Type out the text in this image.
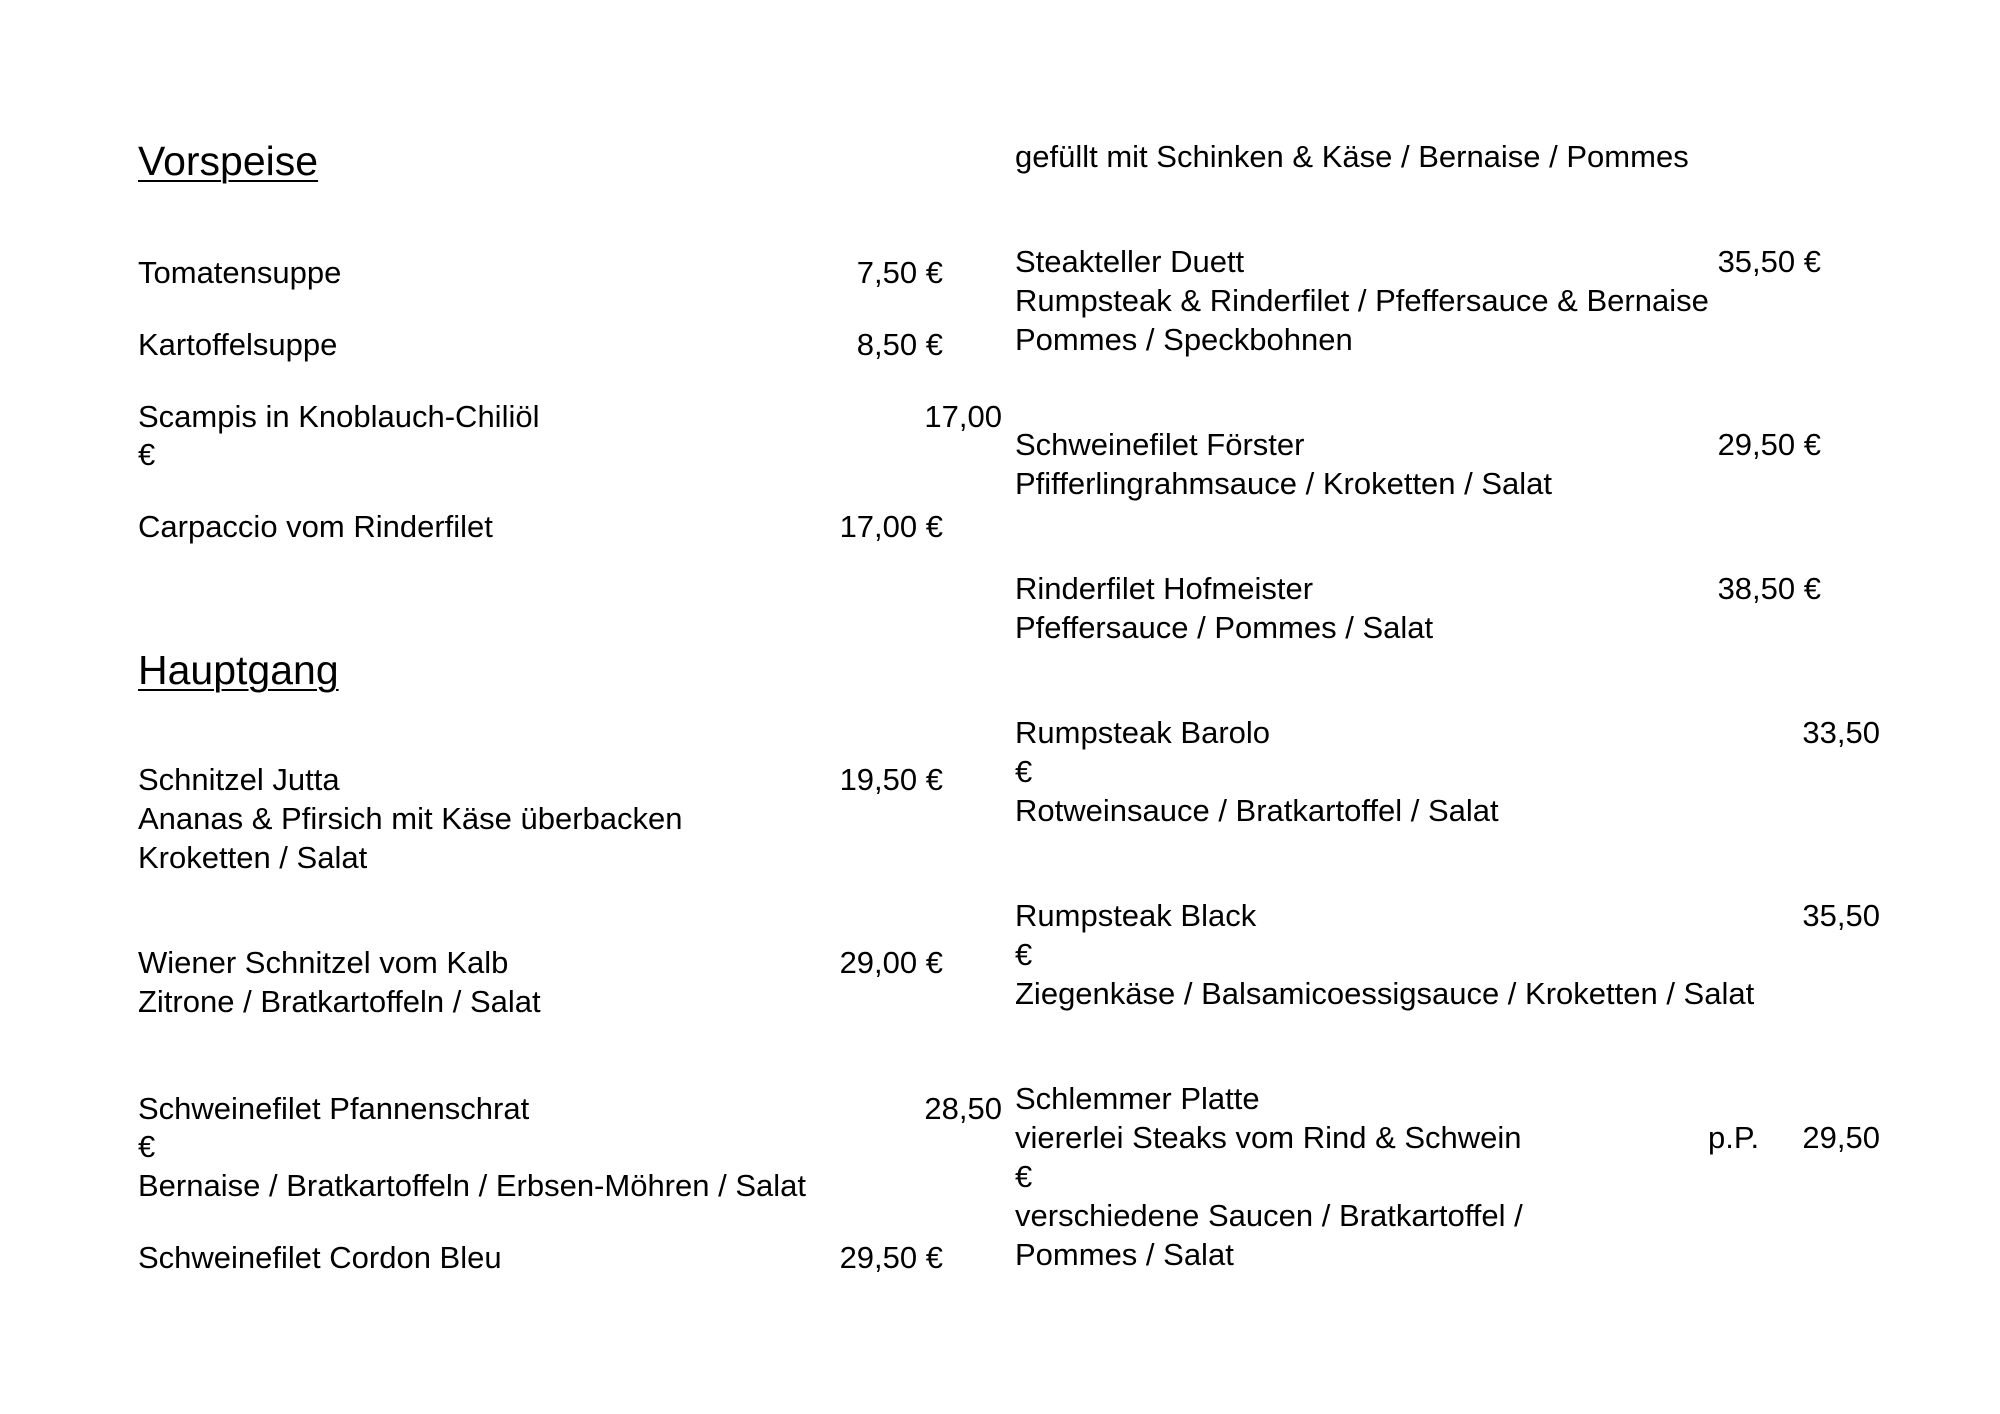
Vorspeise
Tomatensuppe	7,50 €
Kartoffelsuppe	8,50 €
Scampis in Knoblauch-Chiliöl	17,00
€
Carpaccio vom Rinderfilet	17,00 €
Hauptgang
Schnitzel Jutta	19,50 €
Ananas & Pfirsich mit Käse überbacken
Kroketten / Salat
Wiener Schnitzel vom Kalb	29,00 €
Zitrone / Bratkartoffeln / Salat
Schweinefilet Pfannenschrat	28,50
€
Bernaise / Bratkartoffeln / Erbsen-Möhren / Salat
Schweinefilet Cordon Bleu	29,50 €
gefüllt mit Schinken & Käse / Bernaise / Pommes
Steakteller Duett	35,50 €
Rumpsteak & Rinderfilet / Pfeffersauce & Bernaise
Pommes / Speckbohnen
Schweinefilet Förster	29,50 €
Pfifferlingrahmsauce / Kroketten / Salat
Rinderfilet Hofmeister	38,50 €
Pfeffersauce / Pommes / Salat
Rumpsteak Barolo	33,50
€
Rotweinsauce / Bratkartoffel / Salat
Rumpsteak Black	35,50
€
Ziegenkäse / Balsamicoessigsauce / Kroketten / Salat
Schlemmer Platte
viererlei Steaks vom Rind & Schwein	p.P. 29,50
€
verschiedene Saucen / Bratkartoffel /
Pommes / Salat
